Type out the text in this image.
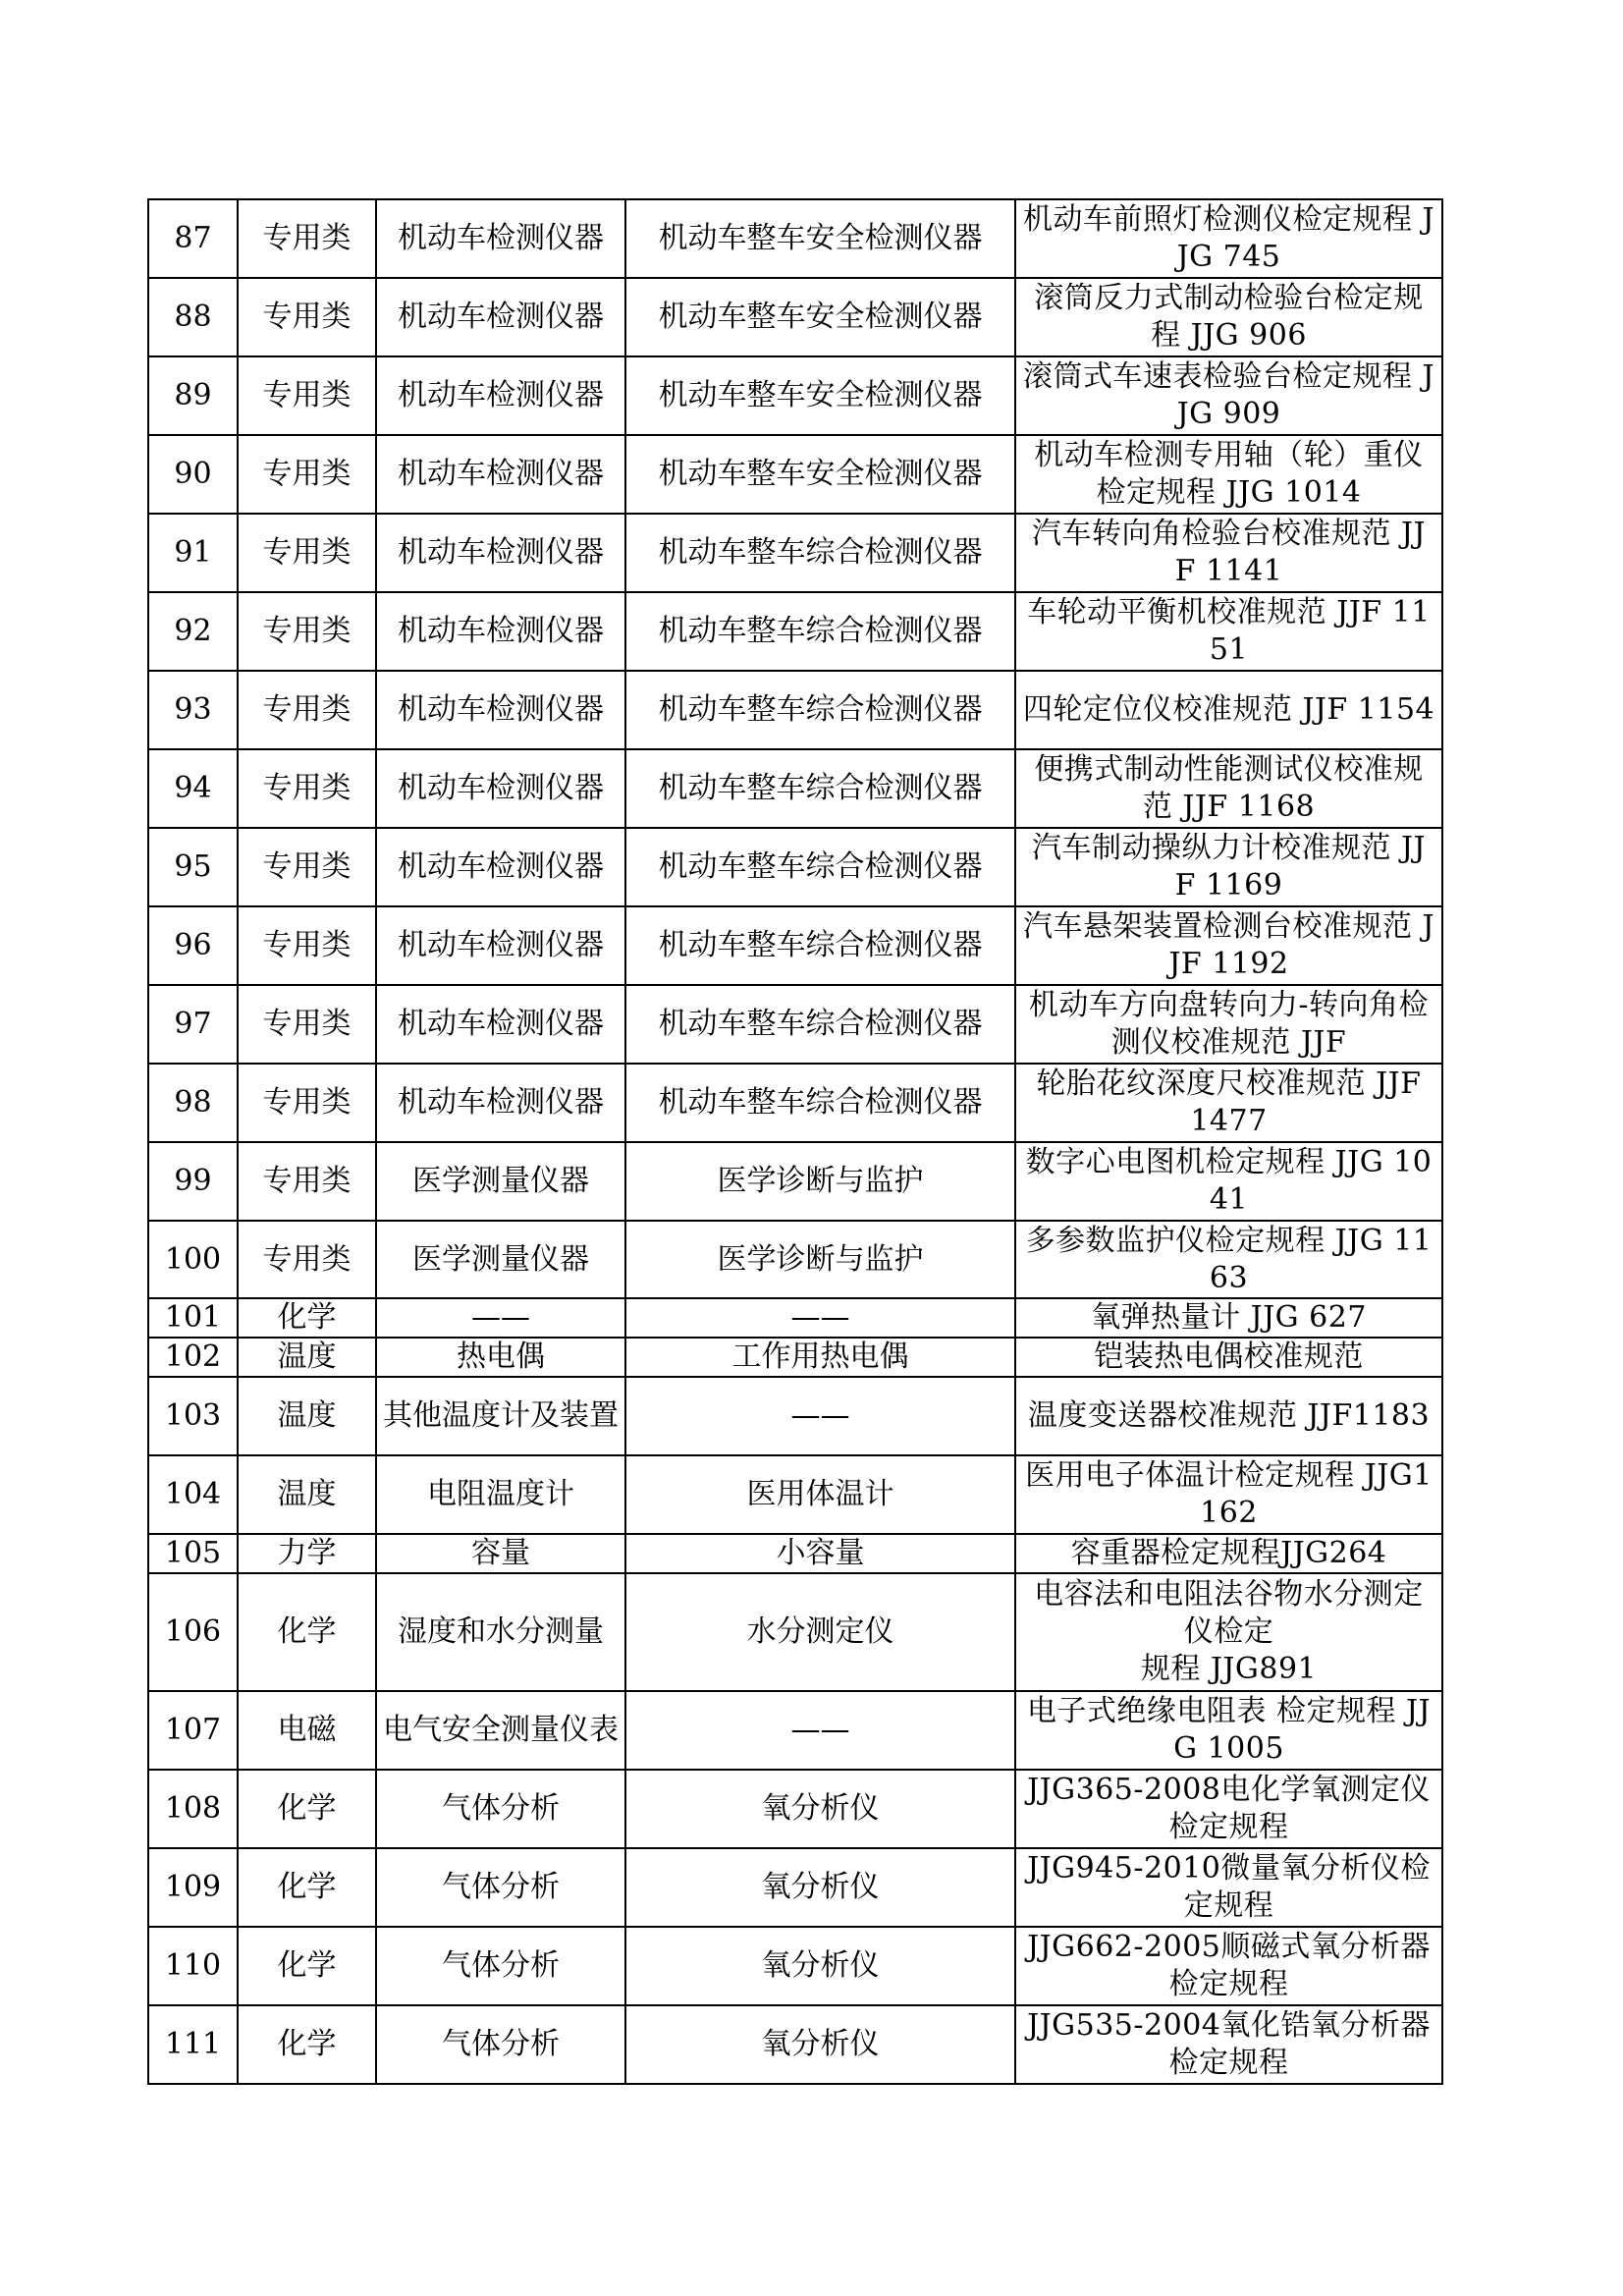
87	专用类	机动车检测仪器	机动车整车安全检测仪器	机动车前照灯检测仪检定规程 JJG 745
88	专用类	机动车检测仪器	机动车整车安全检测仪器	滚筒反力式制动检验台检定规程 JJG 906
89	专用类	机动车检测仪器	机动车整车安全检测仪器	滚筒式车速表检验台检定规程 JJG 909
90	专用类	机动车检测仪器	机动车整车安全检测仪器	机动车检测专用轴（轮）重仪检定规程 JJG 1014
91	专用类	机动车检测仪器	机动车整车综合检测仪器	汽车转向角检验台校准规范 JJF 1141
92	专用类	机动车检测仪器	机动车整车综合检测仪器	车轮动平衡机校准规范 JJF 1151
93	专用类	机动车检测仪器	机动车整车综合检测仪器	四轮定位仪校准规范 JJF 1154
94	专用类	机动车检测仪器	机动车整车综合检测仪器	便携式制动性能测试仪校准规范 JJF 1168
95	专用类	机动车检测仪器	机动车整车综合检测仪器	汽车制动操纵力计校准规范 JJF 1169
96	专用类	机动车检测仪器	机动车整车综合检测仪器	汽车悬架装置检测台校准规范 JJF 1192
97	专用类	机动车检测仪器	机动车整车综合检测仪器	机动车方向盘转向力-转向角检测仪校准规范 JJF
98	专用类	机动车检测仪器	机动车整车综合检测仪器	轮胎花纹深度尺校准规范 JJF 1477
99	专用类	医学测量仪器	医学诊断与监护	数字心电图机检定规程 JJG 1041
100	专用类	医学测量仪器	医学诊断与监护	多参数监护仪检定规程 JJG 1163
101	化学	——	——	氧弹热量计 JJG 627
102	温度	热电偶	工作用热电偶	铠装热电偶校准规范
103	温度	其他温度计及装置	——	温度变送器校准规范 JJF1183
104	温度	电阻温度计	医用体温计	医用电子体温计检定规程 JJG1162
105	力学	容量	小容量	容重器检定规程JJG264
106	化学	湿度和水分测量	水分测定仪	电容法和电阻法谷物水分测定仪检定
规程 JJG891
107	电磁	电气安全测量仪表	——	电子式绝缘电阻表 检定规程 JJG 1005
108	化学	气体分析	氧分析仪	JJG365-2008电化学氧测定仪检定规程
109	化学	气体分析	氧分析仪	JJG945-2010微量氧分析仪检定规程
110	化学	气体分析	氧分析仪	JJG662-2005顺磁式氧分析器检定规程
111	化学	气体分析	氧分析仪	JJG535-2004氧化锆氧分析器检定规程
